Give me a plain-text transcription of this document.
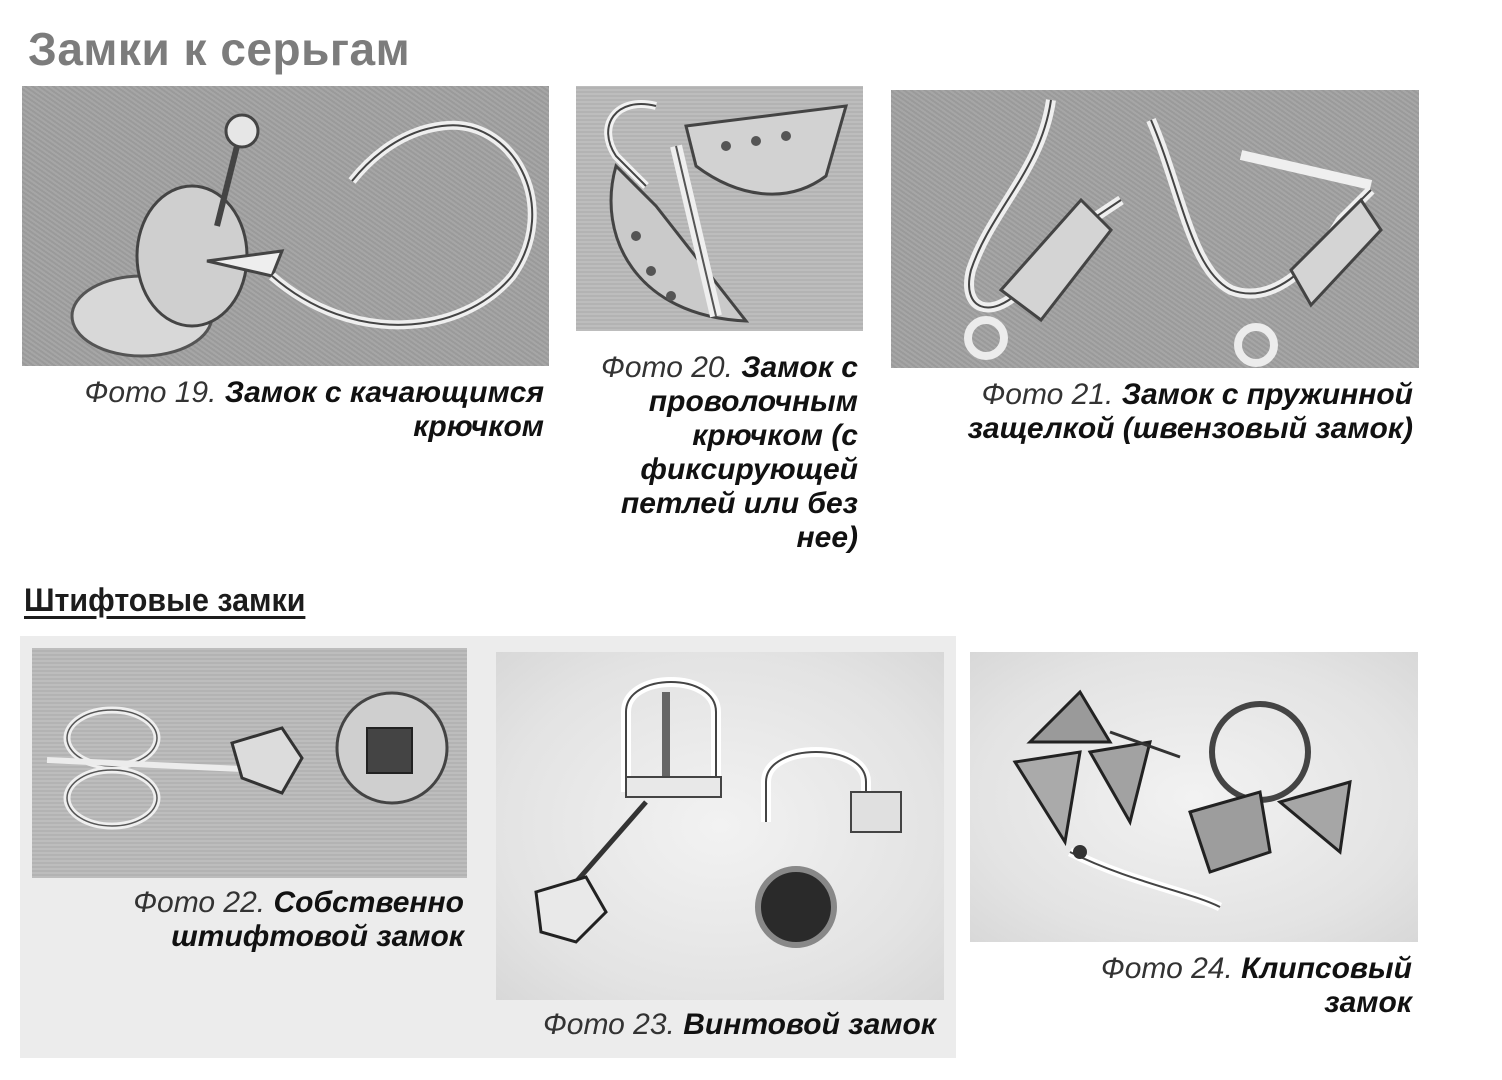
Замки к серьгам
Фото 19. Замок с качающимся крючком
Фото 20. Замок с проволочным крючком (с фиксирующей петлей или без нее)
Фото 21. Замок с пружинной защелкой (швензовый замок)
Штифтовые замки
Фото 22. Собственно штифтовой замок
Фото 23. Винтовой замок
Фото 24. Клипсовый замок
